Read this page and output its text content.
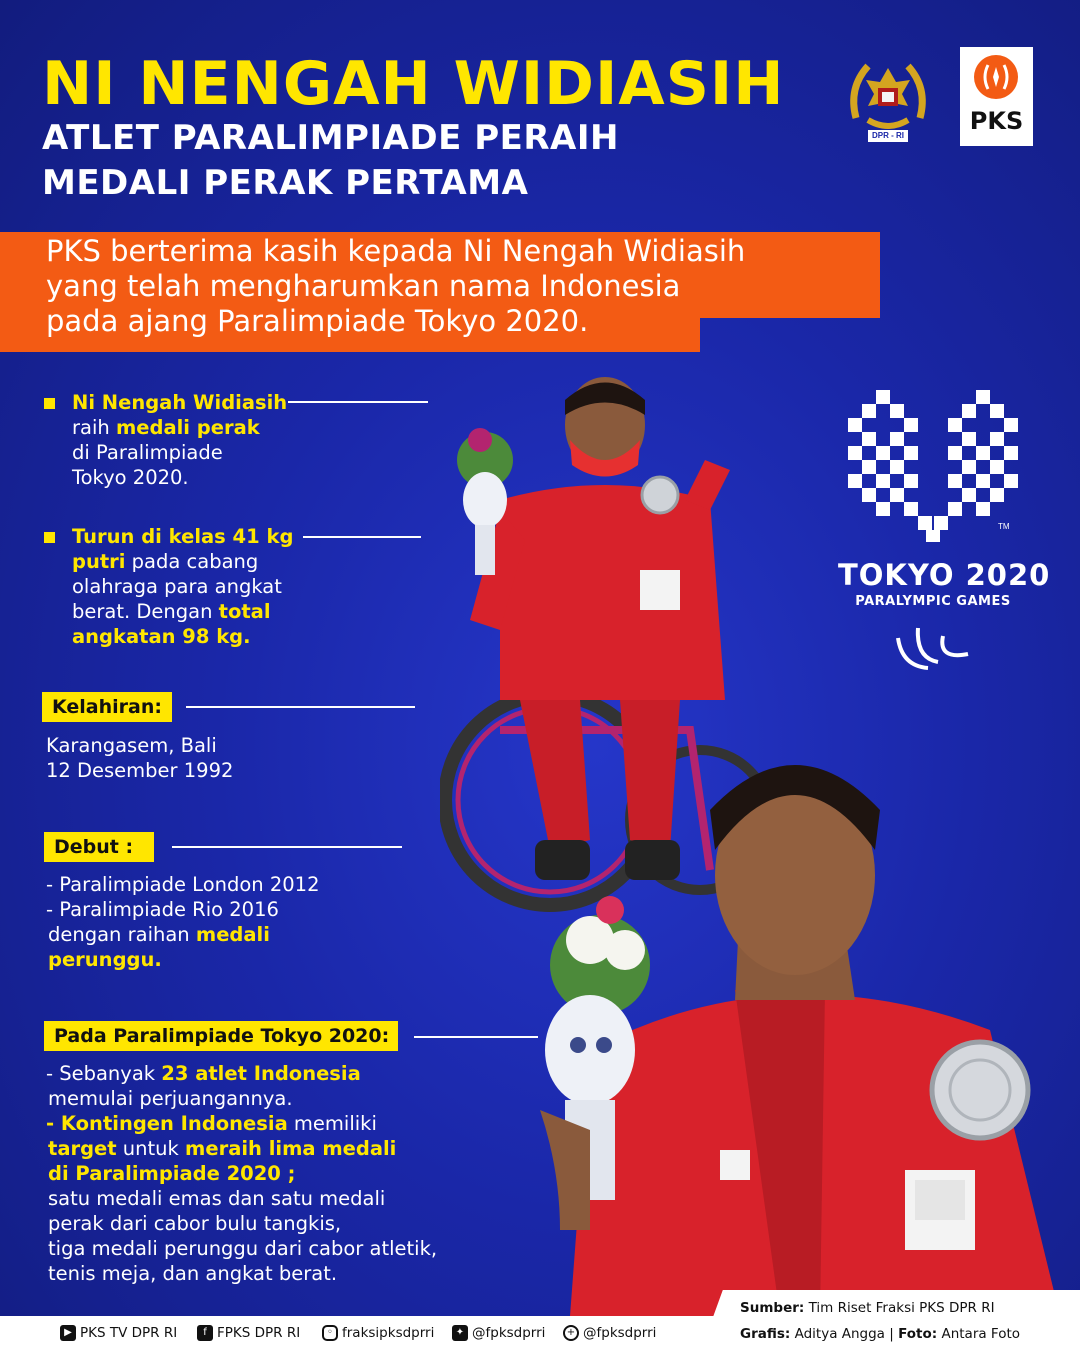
NI NENGAH WIDIASIH
ATLET PARALIMPIADE PERAIH
MEDALI PERAK PERTAMA
DPR - RI
PKS
PKS berterima kasih kepada Ni Nengah Widiasih
yang telah mengharumkan nama Indonesia
pada ajang Paralimpiade Tokyo 2020.
TM
TOKYO 2020
PARALYMPIC GAMES
Ni Nengah Widiasih
raih medali perak
di Paralimpiade
Tokyo 2020.
Turun di kelas 41 kg
putri pada cabang
olahraga para angkat
berat. Dengan total
angkatan 98 kg.
Kelahiran:
Karangasem, Bali
12 Desember 1992
Debut :
- Paralimpiade London 2012
- Paralimpiade Rio 2016
dengan raihan medali
perunggu.
Pada Paralimpiade Tokyo 2020:
- Sebanyak 23 atlet Indonesia
memulai perjuangannya.
- Kontingen Indonesia memiliki
target untuk meraih lima medali
di Paralimpiade 2020 ;
satu medali emas dan satu medali
perak dari cabor bulu tangkis,
tiga medali perunggu dari cabor atletik,
tenis meja, dan angkat berat.
▶ PKS TV DPR RI	f FPKS DPR RI	◦ fraksipksdprri	✦ @fpksdprri	+ @fpksdprri
Sumber: Tim Riset Fraksi PKS DPR RI
Grafis: Aditya Angga | Foto: Antara Foto
